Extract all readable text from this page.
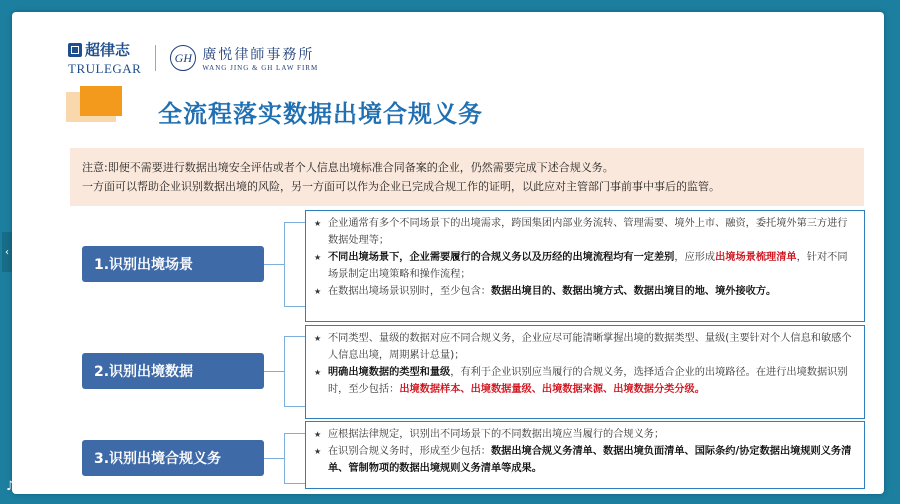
超律志
TRULEGAR
GH 廣悦律師事務所
WANG JING & GH LAW FIRM
全流程落实数据出境合规义务

注意:即便不需要进行数据出境安全评估或者个人信息出境标准合同备案的企业，仍然需要完成下述合规义务。

一方面可以帮助企业识别数据出境的风险，另一方面可以作为企业已完成合规工作的证明，以此应对主管部门事前事中事后的监管。

1.识别出境场景
★ 企业通常有多个不同场景下的出境需求，跨国集团内部业务流转、管理需要、境外上市、融资，委托境外第三方进行数据处理等；
★ 不同出境场景下，企业需要履行的合规义务以及历经的出境流程均有一定差别，应形成出境场景梳理清单，针对不同场景制定出境策略和操作流程；
★ 在数据出境场景识别时，至少包含：数据出境目的、数据出境方式、数据出境目的地、境外接收方。
2.识别出境数据
★ 不同类型、量级的数据对应不同合规义务，企业应尽可能清晰掌握出境的数据类型、量级(主要针对个人信息和敏感个人信息出境，周期累计总量)；
★ 明确出境数据的类型和量级，有利于企业识别应当履行的合规义务，选择适合企业的出境路径。在进行出境数据识别时，至少包括：出境数据样本、出境数据量级、出境数据来源、出境数据分类分级。
3.识别出境合规义务
★ 应根据法律规定，识别出不同场景下的不同数据出境应当履行的合规义务；
★ 在识别合规义务时，形成至少包括：数据出境合规义务清单、数据出境负面清单、国际条约/协定数据出境规则义务清单、管制物项的数据出境规则义务清单等成果。
‹
♪ 大数跨境
